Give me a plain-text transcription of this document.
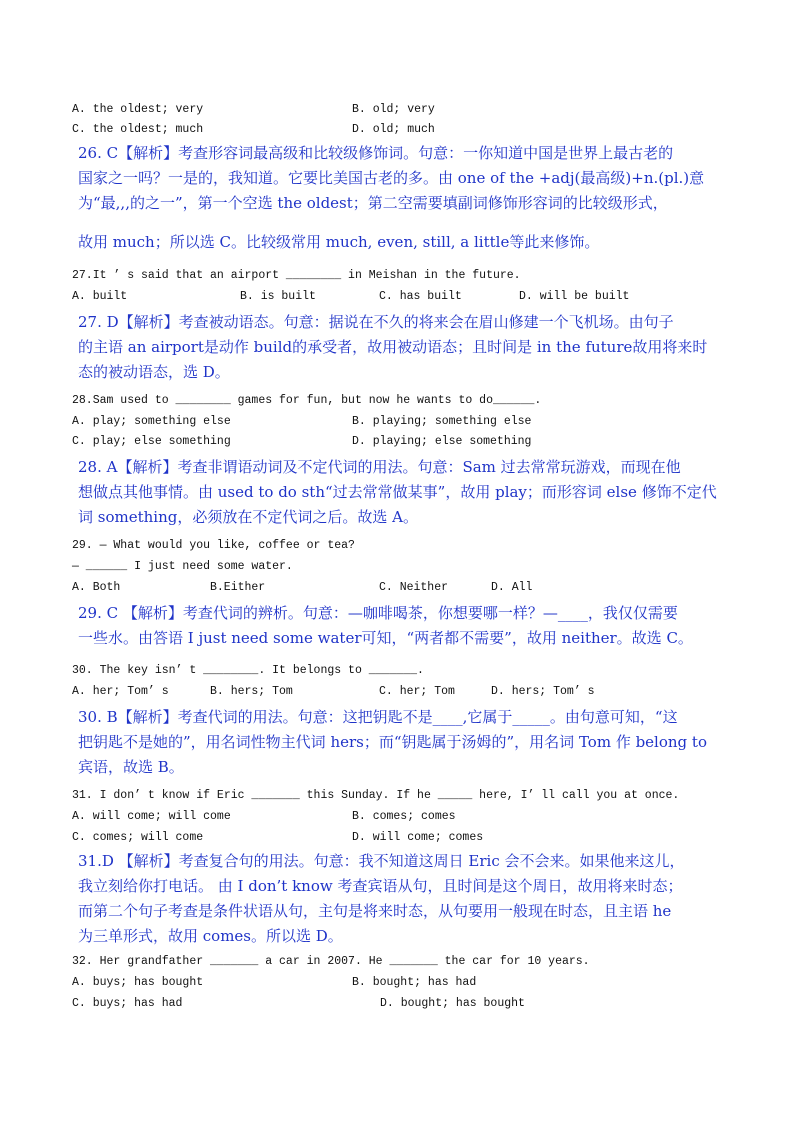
A. the oldest; very	B. old; very
C. the oldest; much	D. old; much

26. C【解析】考查形容词最高级和比较级修饰词。句意：一你知道中国是世界上最古老的

国家之一吗？一是的，我知道。它要比美国古老的多。由 one of the +adj(最高级)+n.(pl.)意

为“最,,,的之一”，第一个空选 the oldest；第二空需要填副词修饰形容词的比较级形式，

故用 much；所以选 C。比较级常用 much, even, still, a little等此来修饰。

27.It ’ s said that an airport ________ in Meishan in the future.
A. built	B. is built	C. has built	D. will be built

27. D【解析】考查被动语态。句意：据说在不久的将来会在眉山修建一个飞机场。由句子

的主语 an airport是动作 build的承受者，故用被动语态；且时间是 in the future故用将来时

态的被动语态，选 D。

28.Sam used to ________ games for fun, but now he wants to do______.
A. play; something else	B. playing; something else
C. play; else something	D. playing; else something

28. A【解析】考查非谓语动词及不定代词的用法。句意：Sam 过去常常玩游戏，而现在他

想做点其他事情。由 used to do sth“过去常常做某事”，故用 play；而形容词 else 修饰不定代

词 something，必须放在不定代词之后。故选 A。

29. — What would you like, coffee or tea?
— ______ I just need some water.
A. Both	B.Either	C. Neither	D. All

29. C 【解析】考查代词的辨析。句意：—咖啡喝茶，你想要哪一样？—____，我仅仅需要

一些水。由答语 I just need some water可知，“两者都不需要”，故用 neither。故选 C。

30. The key isn’ t ________. It belongs to _______.
A. her; Tom’ s	B. hers; Tom	C. her; Tom	D. hers; Tom’ s

30. B【解析】考查代词的用法。句意：这把钥匙不是____,它属于_____。由句意可知，“这

把钥匙不是她的”，用名词性物主代词 hers；而“钥匙属于汤姆的”，用名词 Tom 作 belong to

宾语，故选 B。

31. I don’ t know if Eric _______ this Sunday. If he _____ here, I’ ll call you at once.
A. will come; will come	B. comes; comes
C. comes; will come	D. will come; comes

31.D 【解析】考查复合句的用法。句意：我不知道这周日 Eric 会不会来。如果他来这儿，

我立刻给你打电话。 由 I don’t know 考查宾语从句，且时间是这个周日，故用将来时态；

而第二个句子考查是条件状语从句，主句是将来时态，从句要用一般现在时态，且主语 he

为三单形式，故用 comes。所以选 D。

32. Her grandfather _______ a car in 2007. He _______ the car for 10 years.
A. buys; has bought	B. bought; has had
C. buys; has had	D. bought; has bought
